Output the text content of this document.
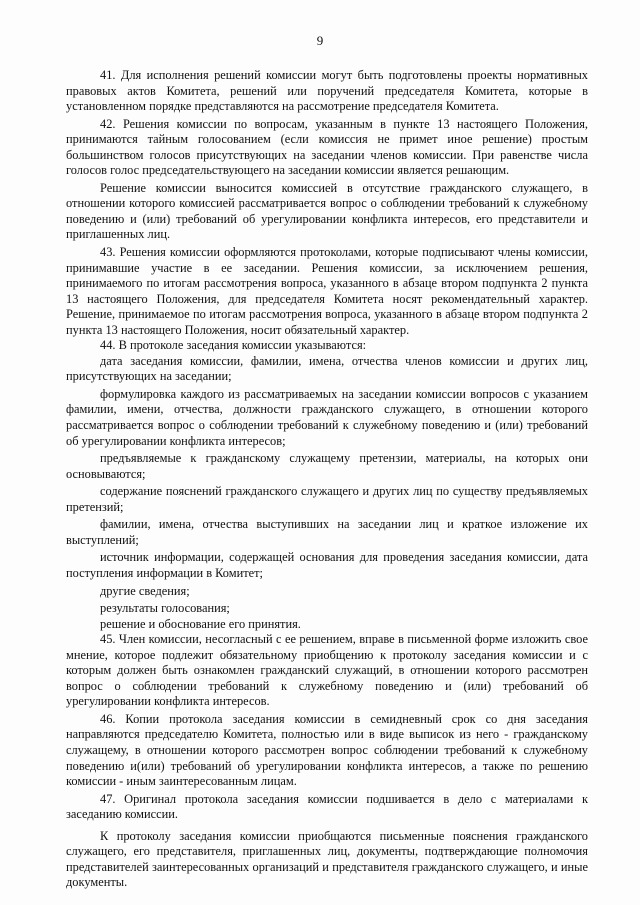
9

41. Для исполнения решений комиссии могут быть подготовлены проекты нормативных правовых актов Комитета, решений или поручений председателя Комитета, которые в установленном порядке представляются на рассмотрение председателя Комитета.

42. Решения комиссии по вопросам, указанным в пункте 13 настоящего Положения, принимаются тайным голосованием (если комиссия не примет иное решение) простым большинством голосов присутствующих на заседании членов комиссии. При равенстве числа голосов голос председательствующего на заседании комиссии является решающим.

Решение комиссии выносится комиссией в отсутствие гражданского служащего, в отношении которого комиссией рассматривается вопрос о соблюдении требований к служебному поведению и (или) требований об урегулировании конфликта интересов, его представители и приглашенных лиц.

43. Решения комиссии оформляются протоколами, которые подписывают члены комиссии, принимавшие участие в ее заседании. Решения комиссии, за исключением решения, принимаемого по итогам рассмотрения вопроса, указанного в абзаце втором подпункта 2 пункта 13 настоящего Положения, для председателя Комитета носят рекомендательный характер. Решение, принимаемое по итогам рассмотрения вопроса, указанного в абзаце втором подпункта 2 пункта 13 настоящего Положения, носит обязательный характер.

44. В протоколе заседания комиссии указываются:

дата заседания комиссии, фамилии, имена, отчества членов комиссии и других лиц, присутствующих на заседании;

формулировка каждого из рассматриваемых на заседании комиссии вопросов с указанием фамилии, имени, отчества, должности гражданского служащего, в отношении которого рассматривается вопрос о соблюдении требований к служебному поведению и (или) требований об урегулировании конфликта интересов;

предъявляемые к гражданскому служащему претензии, материалы, на которых они основываются;

содержание пояснений гражданского служащего и других лиц по существу предъявляемых претензий;

фамилии, имена, отчества выступивших на заседании лиц и краткое изложение их выступлений;

источник информации, содержащей основания для проведения заседания комиссии, дата поступления информации в Комитет;

другие сведения;

результаты голосования;

решение и обоснование его принятия.

45. Член комиссии, несогласный с ее решением, вправе в письменной форме изложить свое мнение, которое подлежит обязательному приобщению к протоколу заседания комиссии и с которым должен быть ознакомлен гражданский служащий, в отношении которого рассмотрен вопрос о соблюдении требований к служебному поведению и (или) требований об урегулировании конфликта интересов.

46. Копии протокола заседания комиссии в семидневный срок со дня заседания направляются председателю Комитета, полностью или в виде выписок из него - гражданскому служащему, в отношении которого рассмотрен вопрос соблюдении требований к служебному поведению и(или) требований об урегулировании конфликта интересов, а также по решению комиссии - иным заинтересованным лицам.

47. Оригинал протокола заседания комиссии подшивается в дело с материалами к заседанию комиссии.

К протоколу заседания комиссии приобщаются письменные пояснения гражданского служащего, его представителя, приглашенных лиц, документы, подтверждающие полномочия представителей заинтересованных организаций и представителя гражданского служащего, и иные документы.
